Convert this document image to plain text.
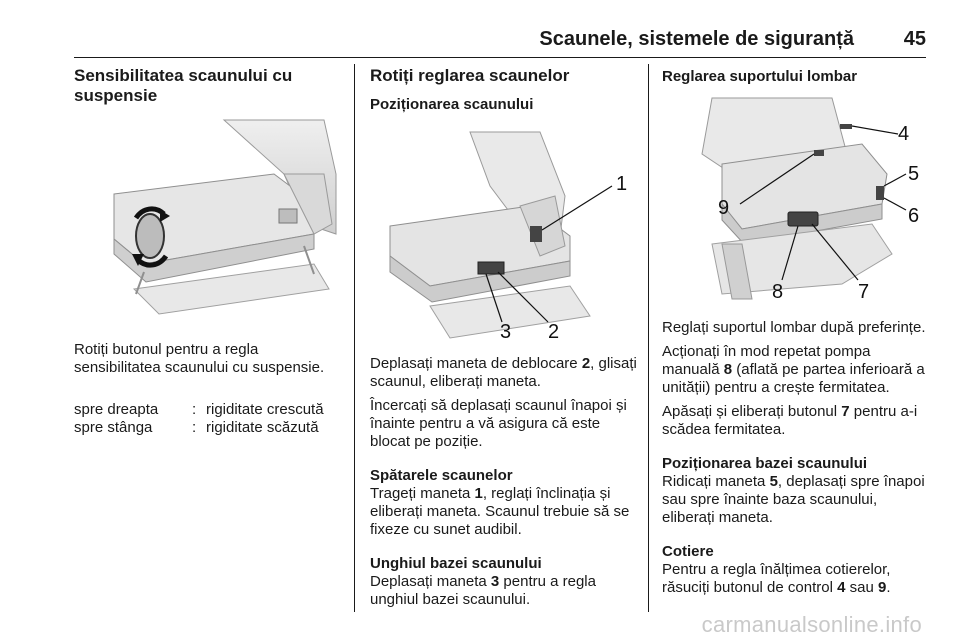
Scaunele, sistemele de siguranță 45
Sensibilitatea scaunului cu suspensie

Rotiți butonul pentru a regla sensibilitatea scaunului cu suspensie.

spre dreapta	: rigiditate crescută
spre stânga	: rigiditate scăzută
Rotiți reglarea scaunelor
Poziționarea scaunului
1
3 2

Deplasați maneta de deblocare 2, glisați scaunul, eliberați maneta.

Încercați să deplasați scaunul înapoi și înainte pentru a vă asigura că este blocat pe poziție.

Spătarele scaunelor

Trageți maneta 1, reglați înclinația și eliberați maneta. Scaunul trebuie să se fixeze cu sunet audibil.

Unghiul bazei scaunului

Deplasați maneta 3 pentru a regla unghiul bazei scaunului.

Reglarea suportului lombar
4
5
9	6
8	7

Reglați suportul lombar după preferințe.

Acționați în mod repetat pompa manuală 8 (aflată pe partea inferioară a unității) pentru a crește fermitatea.

Apăsați și eliberați butonul 7 pentru a-i scădea fermitatea.

Poziționarea bazei scaunului

Ridicați maneta 5, deplasați spre înapoi sau spre înainte baza scaunului, eliberați maneta.

Cotiere

Pentru a regla înălțimea cotierelor, răsuciți butonul de control 4 sau 9.

carmanualsonline.info
